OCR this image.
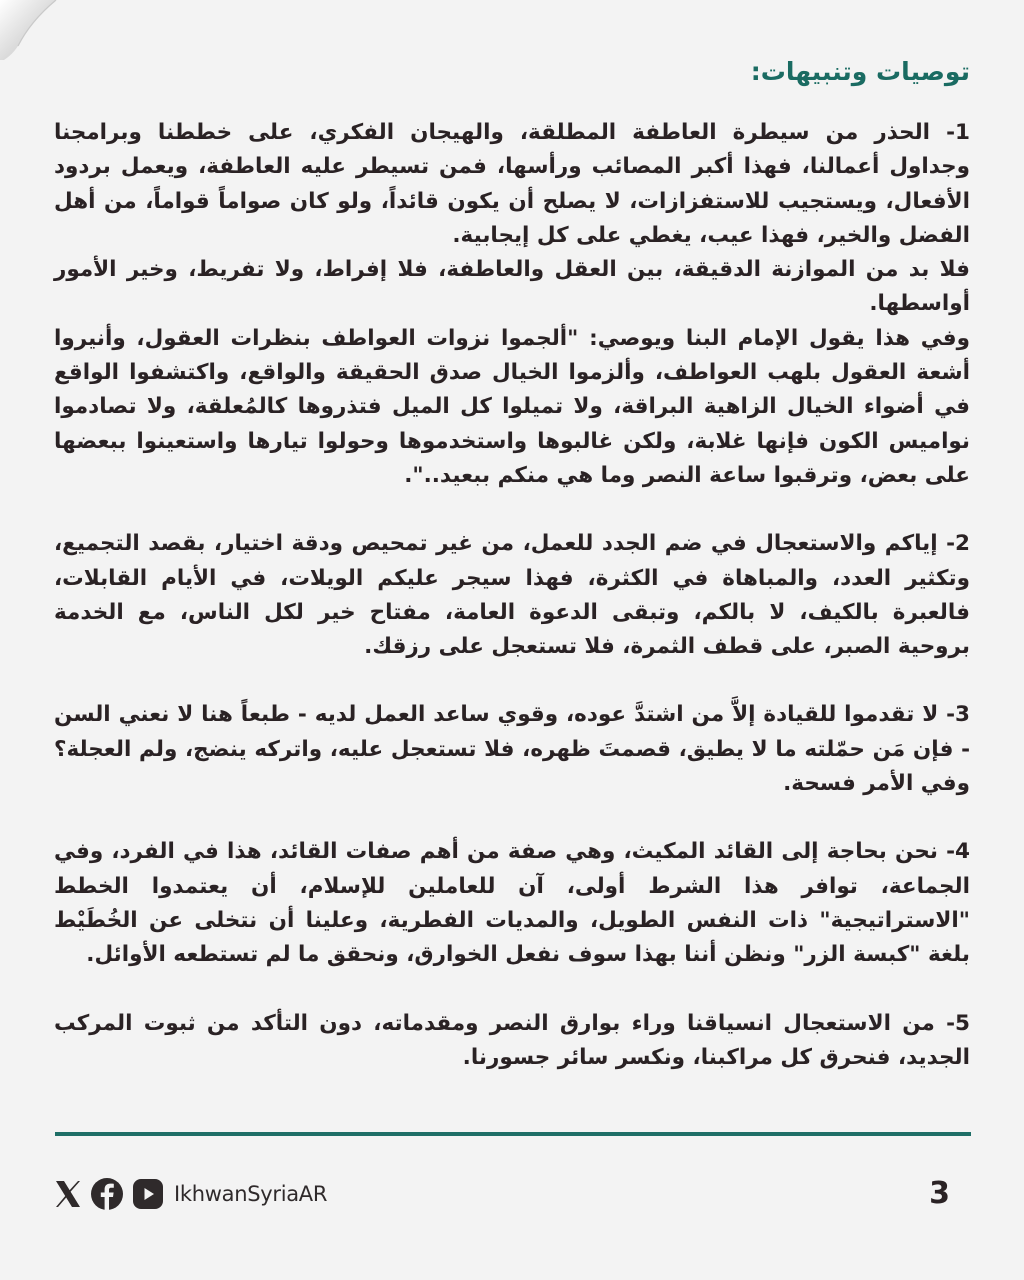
توصيات وتنبيهات:

1- الحذر من سيطرة العاطفة المطلقة، والهيجان الفكري، على خططنا وبرامجنا وجداول أعمالنا، فهذا أكبر المصائب ورأسها، فمن تسيطر عليه العاطفة، ويعمل بردود الأفعال، ويستجيب للاستفزازات، لا يصلح أن يكون قائداً، ولو كان صواماً قواماً، من أهل الفضل والخير، فهذا عيب، يغطي على كل إيجابية.

فلا بد من الموازنة الدقيقة، بين العقل والعاطفة، فلا إفراط، ولا تفريط، وخير الأمور أواسطها.

وفي هذا يقول الإمام البنا ويوصي: "ألجموا نزوات العواطف بنظرات العقول، وأنيروا أشعة العقول بلهب العواطف، وألزموا الخيال صدق الحقيقة والواقع، واكتشفوا الواقع في أضواء الخيال الزاهية البراقة، ولا تميلوا كل الميل فتذروها كالمُعلقة، ولا تصادموا نواميس الكون فإنها غلابة، ولكن غالبوها واستخدموها وحولوا تيارها واستعينوا ببعضها على بعض، وترقبوا ساعة النصر وما هي منكم ببعيد..".

2- إياكم والاستعجال في ضم الجدد للعمل، من غير تمحيص ودقة اختيار، بقصد التجميع، وتكثير العدد، والمباهاة في الكثرة، فهذا سيجر عليكم الويلات، في الأيام القابلات، فالعبرة بالكيف، لا بالكم، وتبقى الدعوة العامة، مفتاح خير لكل الناس، مع الخدمة بروحية الصبر، على قطف الثمرة، فلا تستعجل على رزقك.

3- لا تقدموا للقيادة إلاَّ من اشتدَّ عوده، وقوي ساعد العمل لديه - طبعاً هنا لا نعني السن - فإن مَن حمّلته ما لا يطيق، قصمتَ ظهره، فلا تستعجل عليه، واتركه ينضج، ولم العجلة؟ وفي الأمر فسحة.

4- نحن بحاجة إلى القائد المكيث، وهي صفة من أهم صفات القائد، هذا في الفرد، وفي الجماعة، توافر هذا الشرط أولى، آن للعاملين للإسلام، أن يعتمدوا الخطط "الاستراتيجية" ذات النفس الطويل، والمديات الفطرية، وعلينا أن نتخلى عن الخُطَيْط بلغة "كبسة الزر" ونظن أننا بهذا سوف نفعل الخوارق، ونحقق ما لم تستطعه الأوائل.

5- من الاستعجال انسياقنا وراء بوارق النصر ومقدماته، دون التأكد من ثبوت المركب الجديد، فنحرق كل مراكبنا، ونكسر سائر جسورنا.

IkhwanSyriaAR	3
